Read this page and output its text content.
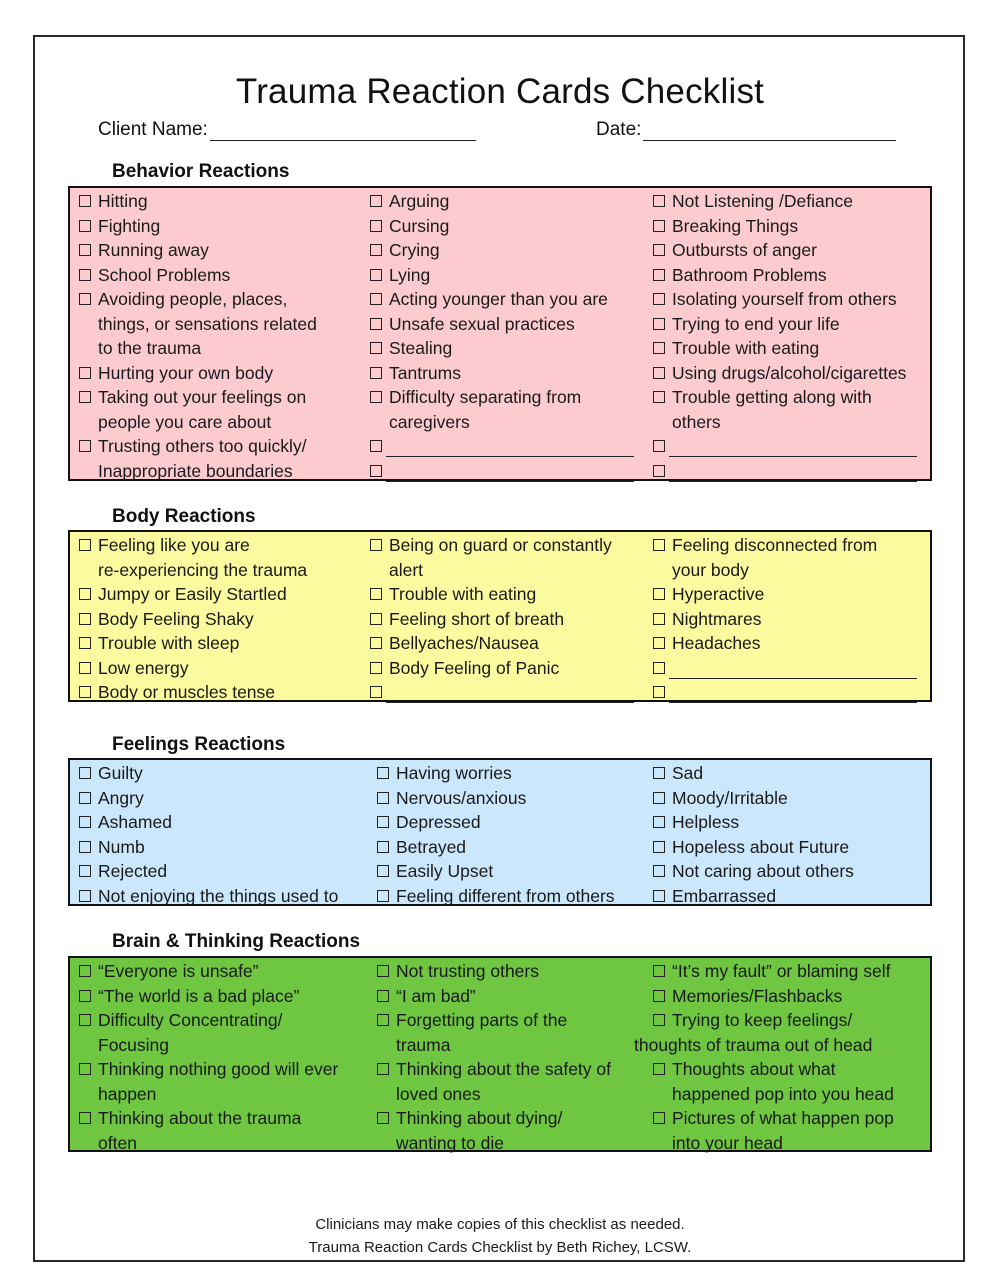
Trauma Reaction Cards Checklist
Client Name:	Date:
Behavior Reactions
Body Reactions
Feelings Reactions
Brain & Thinking Reactions
Hitting
Fighting
Running away
School Problems
Avoiding people, places,
things, or sensations related
to the trauma
Hurting your own body
Taking out your feelings on
people you care about
Trusting others too quickly/
Inappropriate boundaries
Arguing
Cursing
Crying
Lying
Acting younger than you are
Unsafe sexual practices
Stealing
Tantrums
Difficulty separating from
caregivers
Not Listening /Defiance
Breaking Things
Outbursts of anger
Bathroom Problems
Isolating yourself from others
Trying to end your life
Trouble with eating
Using drugs/alcohol/cigarettes
Trouble getting along with
others
Feeling like you are
re-experiencing the trauma
Jumpy or Easily Startled
Body Feeling Shaky
Trouble with sleep
Low energy
Body or muscles tense
Being on guard or constantly
alert
Trouble with eating
Feeling short of breath
Bellyaches/Nausea
Body Feeling of Panic
Feeling disconnected from
your body
Hyperactive
Nightmares
Headaches
Guilty
Angry
Ashamed
Numb
Rejected
Not enjoying the things used to
Having worries
Nervous/anxious
Depressed
Betrayed
Easily Upset
Feeling different from others
Sad
Moody/Irritable
Helpless
Hopeless about Future
Not caring about others
Embarrassed
“Everyone is unsafe”
“The world is a bad place”
Difficulty Concentrating/
Focusing
Thinking nothing good will ever
happen
Thinking about the trauma
often
Not trusting others
“I am bad”
Forgetting parts of the
trauma
Thinking about the safety of
loved ones
Thinking about dying/
wanting to die
“It’s my fault” or blaming self
Memories/Flashbacks
Trying to keep feelings/
thoughts of trauma out of head
Thoughts about what
happened pop into you head
Pictures of what happen pop
into your head
Clinicians may make copies of this checklist as needed.
Trauma Reaction Cards Checklist by Beth Richey, LCSW.
